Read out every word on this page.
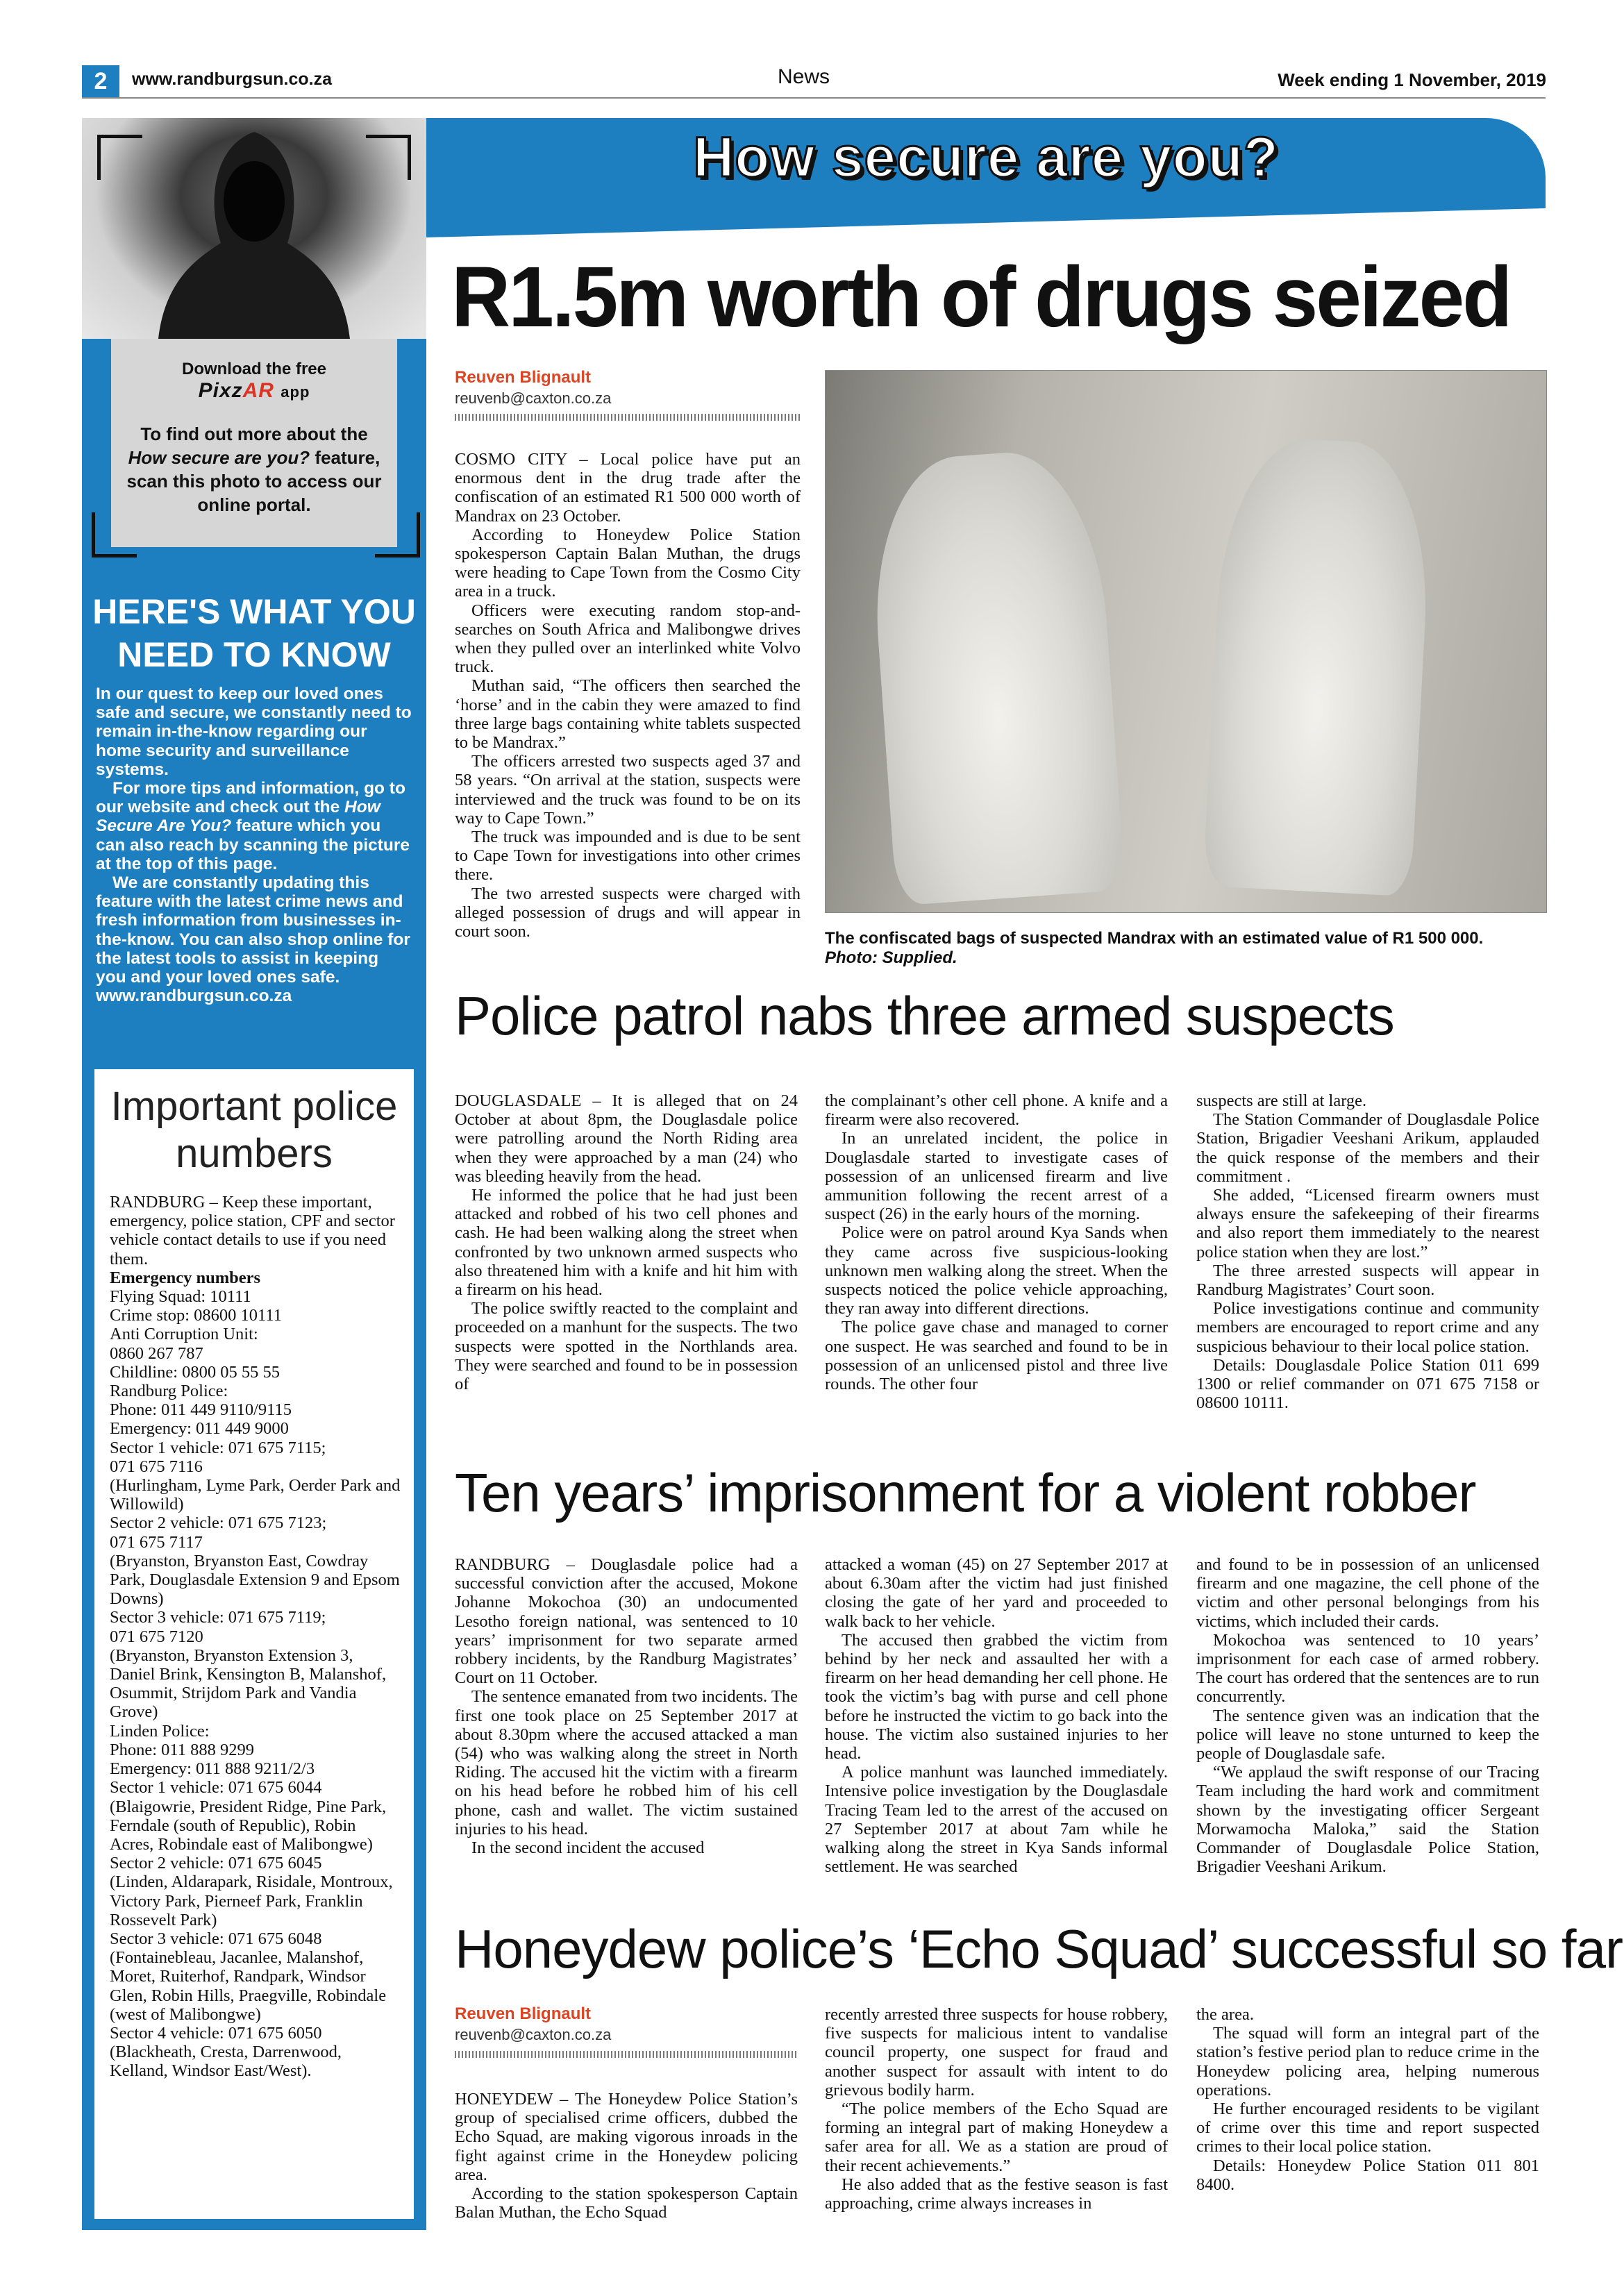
2	www.randburgsun.co.za	News	Week ending 1 November, 2019
Download the free
PixzAR app
To find out more about the How secure are you? feature, scan this photo to access our online portal.
HERE'S WHAT YOU NEED TO KNOW

In our quest to keep our loved ones safe and secure, we constantly need to remain in-the-know regarding our home security and surveillance systems.

For more tips and information, go to our website and check out the How Secure Are You? feature which you can also reach by scanning the picture at the top of this page.

We are constantly updating this feature with the latest crime news and fresh information from businesses in-the-know. You can also shop online for the latest tools to assist in keeping you and your loved ones safe.

www.randburgsun.co.za

Important police numbers
RANDBURG – Keep these important, emergency, police station, CPF and sector vehicle contact details to use if you need them.
Emergency numbers
Flying Squad: 10111
Crime stop: 08600 10111
Anti Corruption Unit:
0860 267 787
Childline: 0800 05 55 55
Randburg Police:
Phone: 011 449 9110/9115
Emergency: 011 449 9000
Sector 1 vehicle: 071 675 7115;
071 675 7116
(Hurlingham, Lyme Park, Oerder Park and Willowild)
Sector 2 vehicle: 071 675 7123;
071 675 7117
(Bryanston, Bryanston East, Cowdray Park, Douglasdale Extension 9 and Epsom Downs)
Sector 3 vehicle: 071 675 7119;
071 675 7120
(Bryanston, Bryanston Extension 3, Daniel Brink, Kensington B, Malanshof, Osummit, Strijdom Park and Vandia Grove)
Linden Police:
Phone: 011 888 9299
Emergency: 011 888 9211/2/3
Sector 1 vehicle: 071 675 6044
(Blaigowrie, President Ridge, Pine Park, Ferndale (south of Republic), Robin Acres, Robindale east of Malibongwe)
Sector 2 vehicle: 071 675 6045
(Linden, Aldarapark, Risidale, Montroux, Victory Park, Pierneef Park, Franklin Rossevelt Park)
Sector 3 vehicle: 071 675 6048
(Fontainebleau, Jacanlee, Malanshof, Moret, Ruiterhof, Randpark, Windsor Glen, Robin Hills, Praegville, Robindale (west of Malibongwe)
Sector 4 vehicle: 071 675 6050
(Blackheath, Cresta, Darrenwood, Kelland, Windsor East/West).
How secure are you?
R1.5m worth of drugs seized
Reuven Blignault
reuvenb@caxton.co.za

COSMO CITY – Local police have put an enormous dent in the drug trade after the confiscation of an estimated R1 500 000 worth of Mandrax on 23 October.

According to Honeydew Police Station spokesperson Captain Balan Muthan, the drugs were heading to Cape Town from the Cosmo City area in a truck.

Officers were executing random stop-and-searches on South Africa and Malibongwe drives when they pulled over an interlinked white Volvo truck.

Muthan said, “The officers then searched the ‘horse’ and in the cabin they were amazed to find three large bags containing white tablets suspected to be Mandrax.”

The officers arrested two suspects aged 37 and 58 years. “On arrival at the station, suspects were interviewed and the truck was found to be on its way to Cape Town.”

The truck was impounded and is due to be sent to Cape Town for investigations into other crimes there.

The two arrested suspects were charged with alleged possession of drugs and will appear in court soon.	The confiscated bags of suspected Mandrax with an estimated value of R1 500 000.
Photo: Supplied.
Police patrol nabs three armed suspects

DOUGLASDALE – It is alleged that on 24 October at about 8pm, the Douglasdale police were patrolling around the North Riding area when they were approached by a man (24) who was bleeding heavily from the head.

He informed the police that he had just been attacked and robbed of his two cell phones and cash. He had been walking along the street when confronted by two unknown armed suspects who also threatened him with a knife and hit him with a firearm on his head.

The police swiftly reacted to the complaint and proceeded on a manhunt for the suspects. The two suspects were spotted in the Northlands area. They were searched and found to be in possession of

the complainant’s other cell phone. A knife and a firearm were also recovered.

In an unrelated incident, the police in Douglasdale started to investigate cases of possession of an unlicensed firearm and live ammunition following the recent arrest of a suspect (26) in the early hours of the morning.

Police were on patrol around Kya Sands when they came across five suspicious-looking unknown men walking along the street. When the suspects noticed the police vehicle approaching, they ran away into different directions.

The police gave chase and managed to corner one suspect. He was searched and found to be in possession of an unlicensed pistol and three live rounds. The other four

suspects are still at large.

The Station Commander of Douglasdale Police Station, Brigadier Veeshani Arikum, applauded the quick response of the members and their commitment .

She added, “Licensed firearm owners must always ensure the safekeeping of their firearms and also report them immediately to the nearest police station when they are lost.”

The three arrested suspects will appear in Randburg Magistrates’ Court soon.

Police investigations continue and community members are encouraged to report crime and any suspicious behaviour to their local police station.

Details: Douglasdale Police Station 011 699 1300 or relief commander on 071 675 7158 or 08600 10111.

Ten years’ imprisonment for a violent robber

RANDBURG – Douglasdale police had a successful conviction after the accused, Mokone Johanne Mokochoa (30) an undocumented Lesotho foreign national, was sentenced to 10 years’ imprisonment for two separate armed robbery incidents, by the Randburg Magistrates’ Court on 11 October.

The sentence emanated from two incidents. The first one took place on 25 September 2017 at about 8.30pm where the accused attacked a man (54) who was walking along the street in North Riding. The accused hit the victim with a firearm on his head before he robbed him of his cell phone, cash and wallet. The victim sustained injuries to his head.

In the second incident the accused

attacked a woman (45) on 27 September 2017 at about 6.30am after the victim had just finished closing the gate of her yard and proceeded to walk back to her vehicle.

The accused then grabbed the victim from behind by her neck and assaulted her with a firearm on her head demanding her cell phone. He took the victim’s bag with purse and cell phone before he instructed the victim to go back into the house. The victim also sustained injuries to her head.

A police manhunt was launched immediately. Intensive police investigation by the Douglasdale Tracing Team led to the arrest of the accused on 27 September 2017 at about 7am while he walking along the street in Kya Sands informal settlement. He was searched

and found to be in possession of an unlicensed firearm and one magazine, the cell phone of the victim and other personal belongings from his victims, which included their cards.

Mokochoa was sentenced to 10 years’ imprisonment for each case of armed robbery. The court has ordered that the sentences are to run concurrently.

The sentence given was an indication that the police will leave no stone unturned to keep the people of Douglasdale safe.

“We applaud the swift response of our Tracing Team including the hard work and commitment shown by the investigating officer Sergeant Morwamocha Maloka,” said the Station Commander of Douglasdale Police Station, Brigadier Veeshani Arikum.

Honeydew police’s ‘Echo Squad’ successful so far
Reuven Blignault
reuvenb@caxton.co.za

HONEYDEW – The Honeydew Police Station’s group of specialised crime officers, dubbed the Echo Squad, are making vigorous inroads in the fight against crime in the Honeydew policing area.

According to the station spokesperson Captain Balan Muthan, the Echo Squad

recently arrested three suspects for house robbery, five suspects for malicious intent to vandalise council property, one suspect for fraud and another suspect for assault with intent to do grievous bodily harm.

“The police members of the Echo Squad are forming an integral part of making Honeydew a safer area for all. We as a station are proud of their recent achievements.”

He also added that as the festive season is fast approaching, crime always increases in

the area.

The squad will form an integral part of the station’s festive period plan to reduce crime in the Honeydew policing area, helping numerous operations.

He further encouraged residents to be vigilant of crime over this time and report suspected crimes to their local police station.

Details: Honeydew Police Station 011 801 8400.
